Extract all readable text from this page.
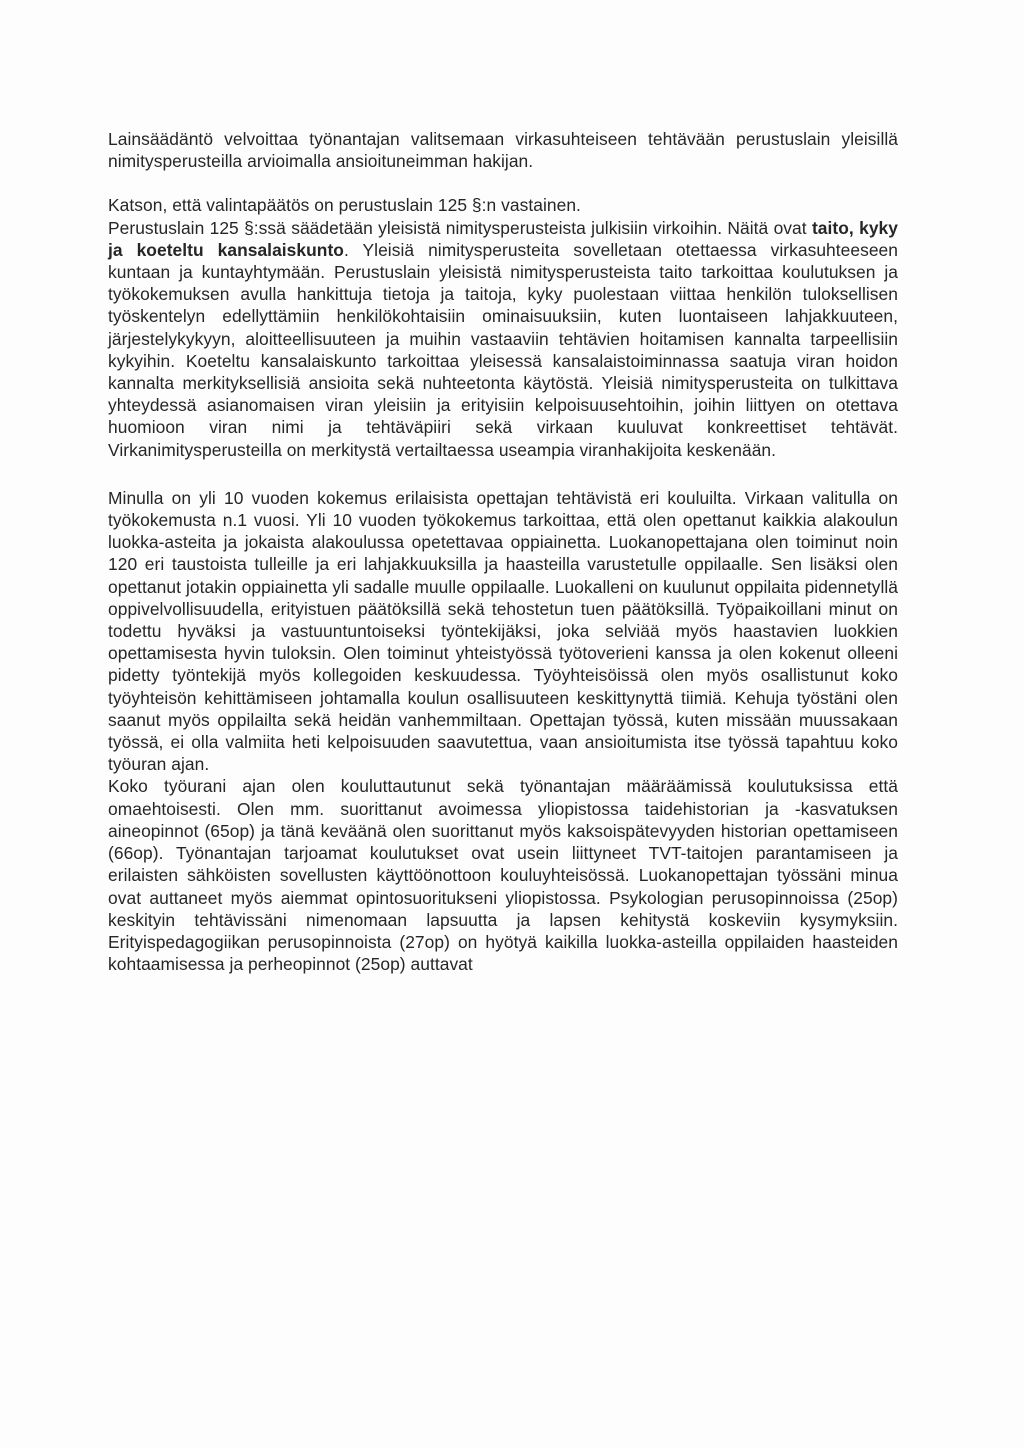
Lainsäädäntö velvoittaa työnantajan valitsemaan virkasuhteiseen tehtävään perustuslain yleisillä nimitysperusteilla arvioimalla ansioituneimman hakijan.

Katson, että valintapäätös on perustuslain 125 §:n vastainen.

Perustuslain 125 §:ssä säädetään yleisistä nimitysperusteista julkisiin virkoihin. Näitä ovat taito, kyky ja koeteltu kansalaiskunto. Yleisiä nimitysperusteita sovelletaan otettaessa virkasuhteeseen kuntaan ja kuntayhtymään. Perustuslain yleisistä nimitysperusteista taito tarkoittaa koulutuksen ja työkokemuksen avulla hankittuja tietoja ja taitoja, kyky puolestaan viittaa henkilön tuloksellisen työskentelyn edellyttämiin henkilökohtaisiin ominaisuuksiin, kuten luontaiseen lahjakkuuteen, järjestelykykyyn, aloitteellisuuteen ja muihin vastaaviin tehtävien hoitamisen kannalta tarpeellisiin kykyihin. Koeteltu kansalaiskunto tarkoittaa yleisessä kansalaistoiminnassa saatuja viran hoidon kannalta merkityksellisiä ansioita sekä nuhteetonta käytöstä. Yleisiä nimitysperusteita on tulkittava yhteydessä asianomaisen viran yleisiin ja erityisiin kelpoisuusehtoihin, joihin liittyen on otettava huomioon viran nimi ja tehtäväpiiri sekä virkaan kuuluvat konkreettiset tehtävät. Virkanimitysperusteilla on merkitystä vertailtaessa useampia viranhakijoita keskenään.

Minulla on yli 10 vuoden kokemus erilaisista opettajan tehtävistä eri kouluilta. Virkaan valitulla on työkokemusta n.1 vuosi. Yli 10 vuoden työkokemus tarkoittaa, että olen opettanut kaikkia alakoulun luokka-asteita ja jokaista alakoulussa opetettavaa oppiainetta. Luokanopettajana olen toiminut noin 120 eri taustoista tulleille ja eri lahjakkuuksilla ja haasteilla varustetulle oppilaalle. Sen lisäksi olen opettanut jotakin oppiainetta yli sadalle muulle oppilaalle. Luokalleni on kuulunut oppilaita pidennetyllä oppivelvollisuudella, erityistuen päätöksillä sekä tehostetun tuen päätöksillä. Työpaikoillani minut on todettu hyväksi ja vastuuntuntoiseksi työntekijäksi, joka selviää myös haastavien luokkien opettamisesta hyvin tuloksin. Olen toiminut yhteistyössä työtoverieni kanssa ja olen kokenut olleeni pidetty työntekijä myös kollegoiden keskuudessa. Työyhteisöissä olen myös osallistunut koko työyhteisön kehittämiseen johtamalla koulun osallisuuteen keskittynyttä tiimiä. Kehuja työstäni olen saanut myös oppilailta sekä heidän vanhemmiltaan. Opettajan työssä, kuten missään muussakaan työssä, ei olla valmiita heti kelpoisuuden saavutettua, vaan ansioitumista itse työssä tapahtuu koko työuran ajan.

Koko työurani ajan olen kouluttautunut sekä työnantajan määräämissä koulutuksissa että omaehtoisesti. Olen mm. suorittanut avoimessa yliopistossa taidehistorian ja -kasvatuksen aineopinnot (65op) ja tänä keväänä olen suorittanut myös kaksoispätevyyden historian opettamiseen (66op). Työnantajan tarjoamat koulutukset ovat usein liittyneet TVT-taitojen parantamiseen ja erilaisten sähköisten sovellusten käyttöönottoon kouluyhteisössä. Luokanopettajan työssäni minua ovat auttaneet myös aiemmat opintosuoritukseni yliopistossa. Psykologian perusopinnoissa (25op) keskityin tehtävissäni nimenomaan lapsuutta ja lapsen kehitystä koskeviin kysymyksiin. Erityispedagogiikan perusopinnoista (27op) on hyötyä kaikilla luokka-asteilla oppilaiden haasteiden kohtaamisessa ja perheopinnot (25op) auttavat
